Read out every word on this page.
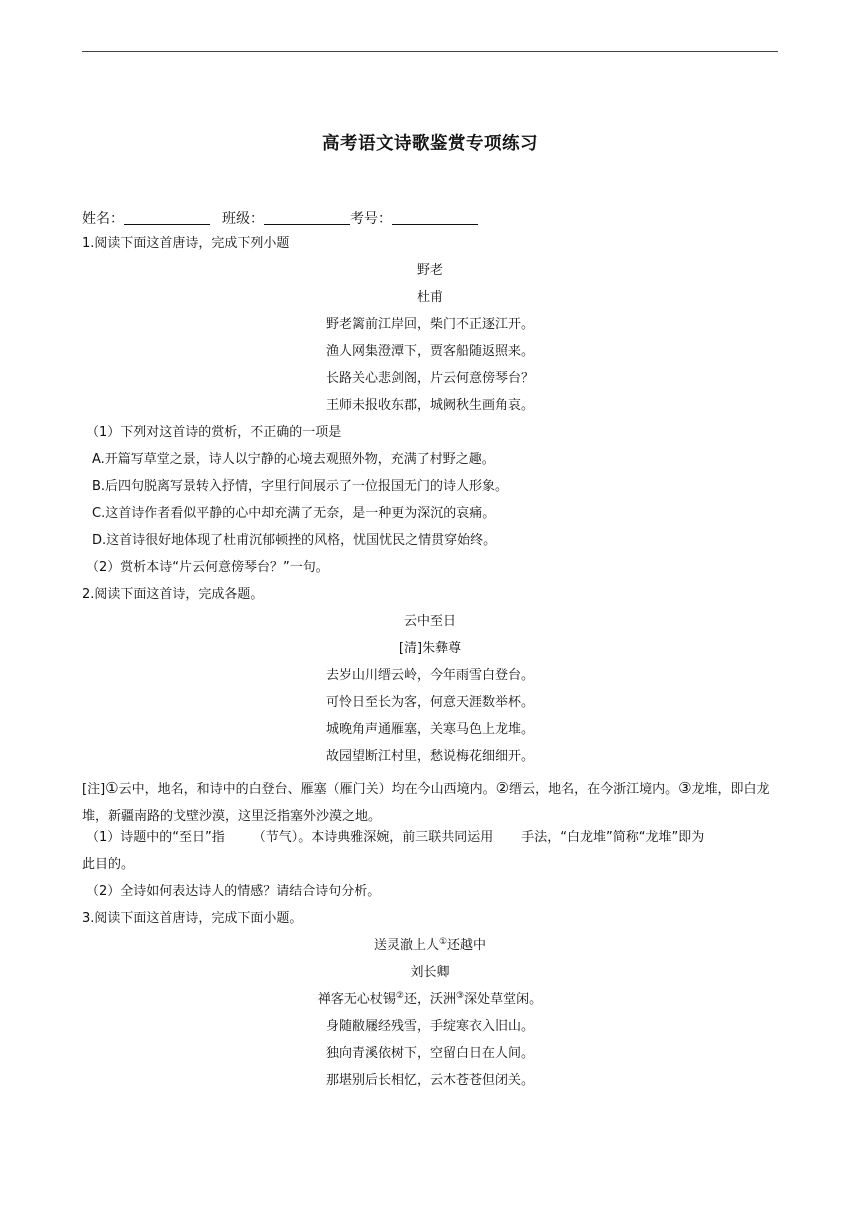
高考语文诗歌鉴赏专项练习
姓名：	班级：	考号：
1.阅读下面这首唐诗，完成下列小题
野老
杜甫
野老篱前江岸回，柴门不正逐江开。
渔人网集澄潭下，贾客船随返照来。
长路关心悲剑阁，片云何意傍琴台？
王师未报收东郡，城阙秋生画角哀。
（1）下列对这首诗的赏析，不正确的一项是
A.开篇写草堂之景，诗人以宁静的心境去观照外物，充满了村野之趣。
B.后四句脱离写景转入抒情，字里行间展示了一位报国无门的诗人形象。
C.这首诗作者看似平静的心中却充满了无奈，是一种更为深沉的哀痛。
D.这首诗很好地体现了杜甫沉郁顿挫的风格，忧国忧民之情贯穿始终。
（2）赏析本诗“片云何意傍琴台？”一句。
2.阅读下面这首诗，完成各题。
云中至日
[清]朱彝尊
去岁山川缙云岭，今年雨雪白登台。
可怜日至长为客，何意天涯数举杯。
城晚角声通雁塞，关寒马色上龙堆。
故园望断江村里，愁说梅花细细开。
[注]①云中，地名，和诗中的白登台、雁塞（雁门关）均在今山西境内。②缙云，地名，在今浙江境内。③龙堆，即白龙堆，新疆南路的戈壁沙漠，这里泛指塞外沙漠之地。
（1）诗题中的“至日”指 （节气）。本诗典雅深婉，前三联共同运用 手法，“白龙堆”简称“龙堆”即为
此目的。
（2）全诗如何表达诗人的情感？请结合诗句分析。
3.阅读下面这首唐诗，完成下面小题。
送灵澈上人①还越中
刘长卿
禅客无心杖锡②还，沃洲③深处草堂闲。
身随敝屦经残雪，手绽寒衣入旧山。
独向青溪依树下，空留白日在人间。
那堪别后长相忆，云木苍苍但闭关。
